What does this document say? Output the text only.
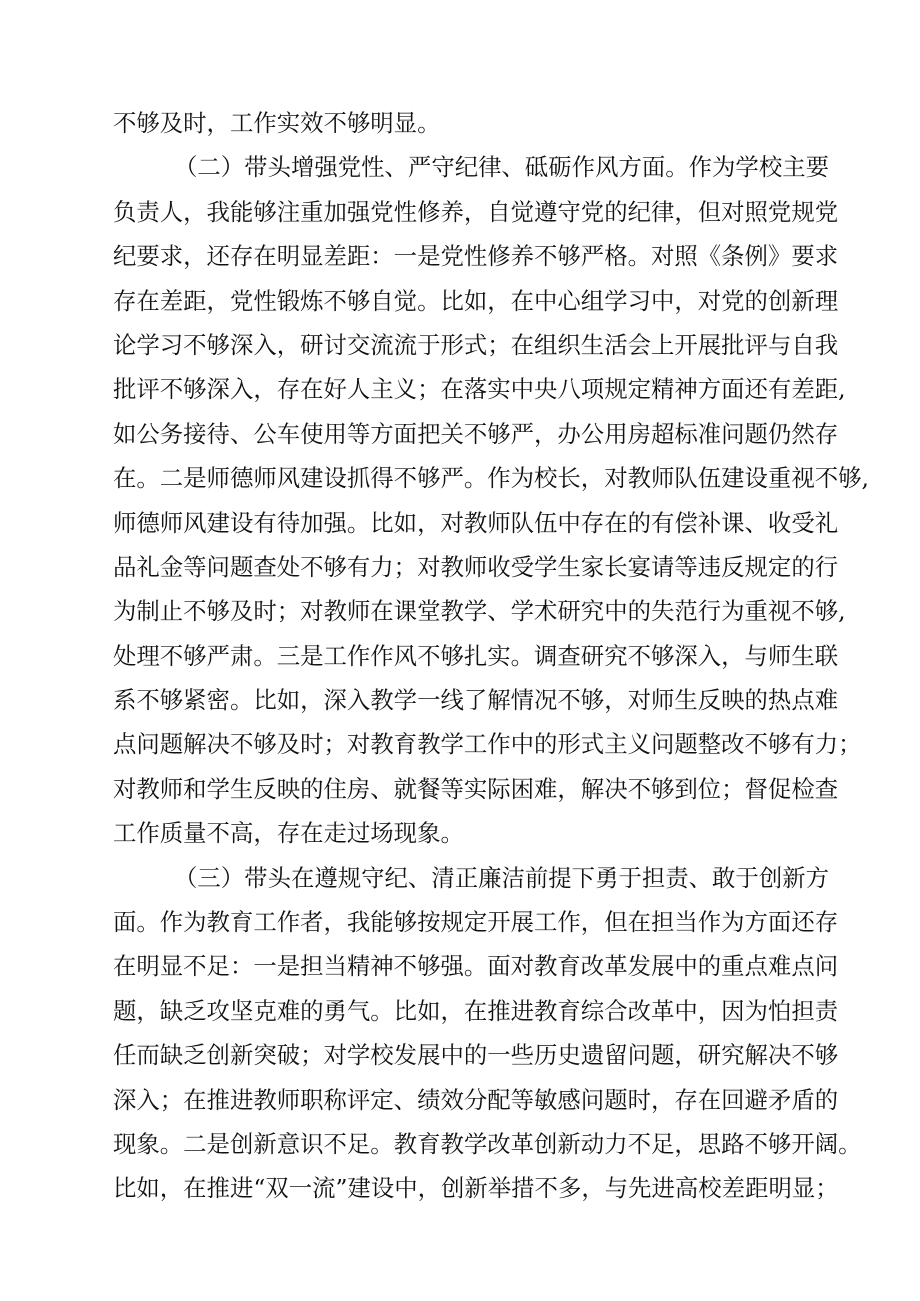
不够及时，工作实效不够明显。
（二）带头增强党性、严守纪律、砥砺作风方面。作为学校主要
负责人，我能够注重加强党性修养，自觉遵守党的纪律，但对照党规党
纪要求，还存在明显差距：一是党性修养不够严格。对照《条例》要求
存在差距，党性锻炼不够自觉。比如，在中心组学习中，对党的创新理
论学习不够深入，研讨交流流于形式；在组织生活会上开展批评与自我
批评不够深入，存在好人主义；在落实中央八项规定精神方面还有差距,
如公务接待、公车使用等方面把关不够严，办公用房超标准问题仍然存
在。二是师德师风建设抓得不够严。作为校长，对教师队伍建设重视不够,
师德师风建设有待加强。比如，对教师队伍中存在的有偿补课、收受礼
品礼金等问题查处不够有力；对教师收受学生家长宴请等违反规定的行
为制止不够及时；对教师在课堂教学、学术研究中的失范行为重视不够,
处理不够严肃。三是工作作风不够扎实。调查研究不够深入，与师生联
系不够紧密。比如，深入教学一线了解情况不够，对师生反映的热点难
点问题解决不够及时；对教育教学工作中的形式主义问题整改不够有力；
对教师和学生反映的住房、就餐等实际困难，解决不够到位；督促检查
工作质量不高，存在走过场现象。
（三）带头在遵规守纪、清正廉洁前提下勇于担责、敢于创新方
面。作为教育工作者，我能够按规定开展工作，但在担当作为方面还存
在明显不足：一是担当精神不够强。面对教育改革发展中的重点难点问
题，缺乏攻坚克难的勇气。比如，在推进教育综合改革中，因为怕担责
任而缺乏创新突破；对学校发展中的一些历史遗留问题，研究解决不够
深入；在推进教师职称评定、绩效分配等敏感问题时，存在回避矛盾的
现象。二是创新意识不足。教育教学改革创新动力不足，思路不够开阔。
比如，在推进“双一流”建设中，创新举措不多，与先进高校差距明显；
